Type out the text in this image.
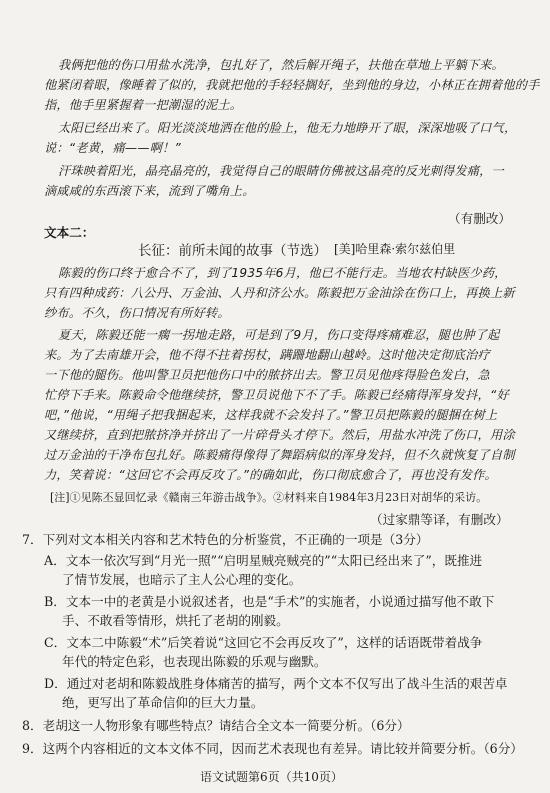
我俩把他的伤口用盐水洗净，包扎好了，然后解开绳子，扶他在草地上平躺下来。
他紧闭着眼，像睡着了似的，我就把他的手轻轻搁好，坐到他的身边，小林正在拥着他的手
指，他手里紧握着一把潮湿的泥土。
太阳已经出来了。阳光淡淡地洒在他的脸上，他无力地睁开了眼，深深地吸了口气，
说：“老黄，痛——啊！”
汗珠映着阳光，晶亮晶亮的，我觉得自己的眼睛仿佛被这晶亮的反光刺得发痛，一
滴咸咸的东西滚下来，流到了嘴角上。
（有删改）
文本二：
长征：前所未闻的故事（节选） [美]哈里森·索尔兹伯里
陈毅的伤口终于愈合不了，到了1935年6月，他已不能行走。当地农村缺医少药，
只有四种成药：八公丹、万金油、人丹和济公水。陈毅把万金油涂在伤口上，再换上新
纱布。不久，伤口情况有所好转。
夏天，陈毅还能一瘸一拐地走路，可是到了9月，伤口变得疼痛难忍，腿也肿了起
来。为了去南雄开会，他不得不拄着拐杖，蹒跚地翻山越岭。这时他决定彻底治疗
一下他的腿伤。他叫警卫员把他伤口中的脓挤出去。警卫员见他疼得脸色发白，急
忙停下手来。陈毅命令他继续挤，警卫员说他下不了手。陈毅已经痛得浑身发抖，“好
吧，”他说，“用绳子把我捆起来，这样我就不会发抖了。”警卫员把陈毅的腿捆在树上
又继续挤，直到把脓挤净并挤出了一片碎骨头才停下。然后，用盐水冲洗了伤口，用涂
过万金油的干净布包扎好。陈毅痛得像得了舞蹈病似的浑身发抖，但不久就恢复了自制
力，笑着说：“这回它不会再反攻了。”的确如此，伤口彻底愈合了，再也没有发作。
[注]①见陈丕显回忆录《赣南三年游击战争》。②材料来自1984年3月23日对胡华的采访。
（过家鼎等译，有删改）
7．下列对文本相关内容和艺术特色的分析鉴赏，不正确的一项是（3分）
A．文本一依次写到“月光一照”“启明星贼亮贼亮的”“太阳已经出来了”，既推进
了情节发展，也暗示了主人公心理的变化。
B．文本一中的老黄是小说叙述者，也是“手术”的实施者，小说通过描写他不敢下
手、不敢看等情形，烘托了老胡的刚毅。
C．文本二中陈毅“术”后笑着说“这回它不会再反攻了”，这样的话语既带着战争
年代的特定色彩，也表现出陈毅的乐观与幽默。
D．通过对老胡和陈毅战胜身体痛苦的描写，两个文本不仅写出了战斗生活的艰苦卓
绝，更写出了革命信仰的巨大力量。
8．老胡这一人物形象有哪些特点？请结合全文本一简要分析。（6分）
9．这两个内容相近的文本文体不同，因而艺术表现也有差异。请比较并简要分析。（6分）
语文试题第6页（共10页）
